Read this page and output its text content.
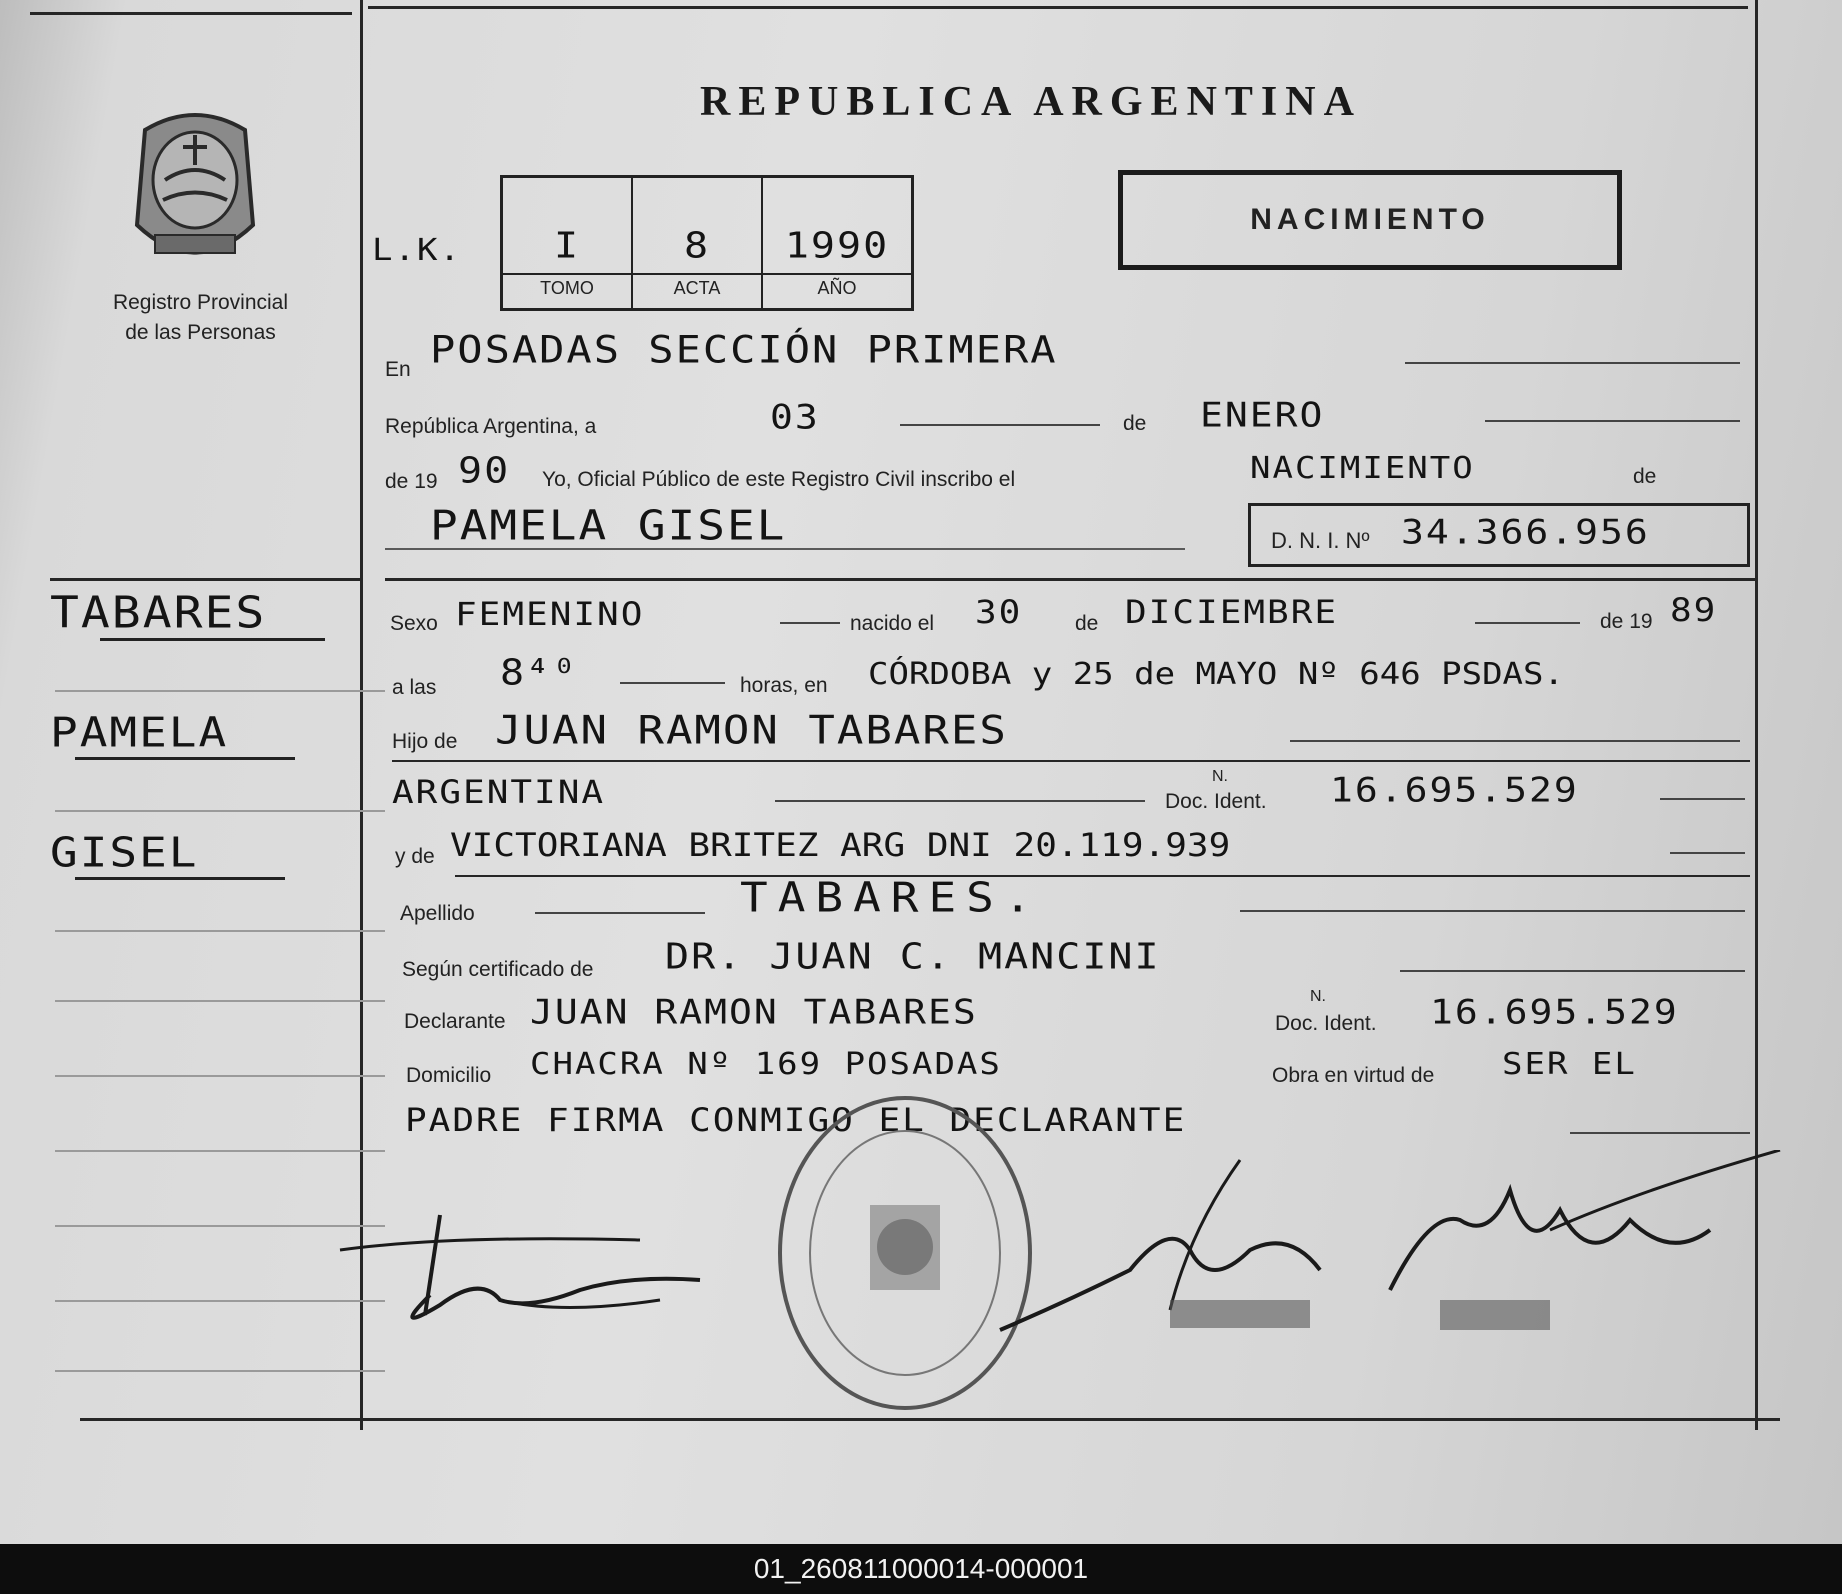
Registro Provincial
de las Personas
TABARES
PAMELA
GISEL
REPUBLICA ARGENTINA
L.K.	I	8	1990
TOMO	ACTA	AÑO
NACIMIENTO
En POSADAS SECCIÓN PRIMERA
República Argentina, a	03	de ENERO
de 19 90 Yo, Oficial Público de este Registro Civil inscribo el	NACIMIENTO	de
PAMELA GISEL	D. N. I. Nº 34.366.956
Sexo FEMENINO	nacido el 30	de DICIEMBRE	de 19 89
a las 8⁴⁰	horas, en CÓRDOBA y 25 de MAYO Nº 646 PSDAS.
Hijo de JUAN RAMON TABARES
ARGENTINA	N.
Doc. Ident. 16.695.529
y de VICTORIANA BRITEZ ARG DNI 20.119.939
Apellido	TABARES.
Según certificado de DR. JUAN C. MANCINI
Declarante JUAN RAMON TABARES	N.
Doc. Ident. 16.695.529
Domicilio CHACRA Nº 169 POSADAS	Obra en virtud de SER EL
PADRE FIRMA CONMIGO EL DECLARANTE
01_260811000014-000001
